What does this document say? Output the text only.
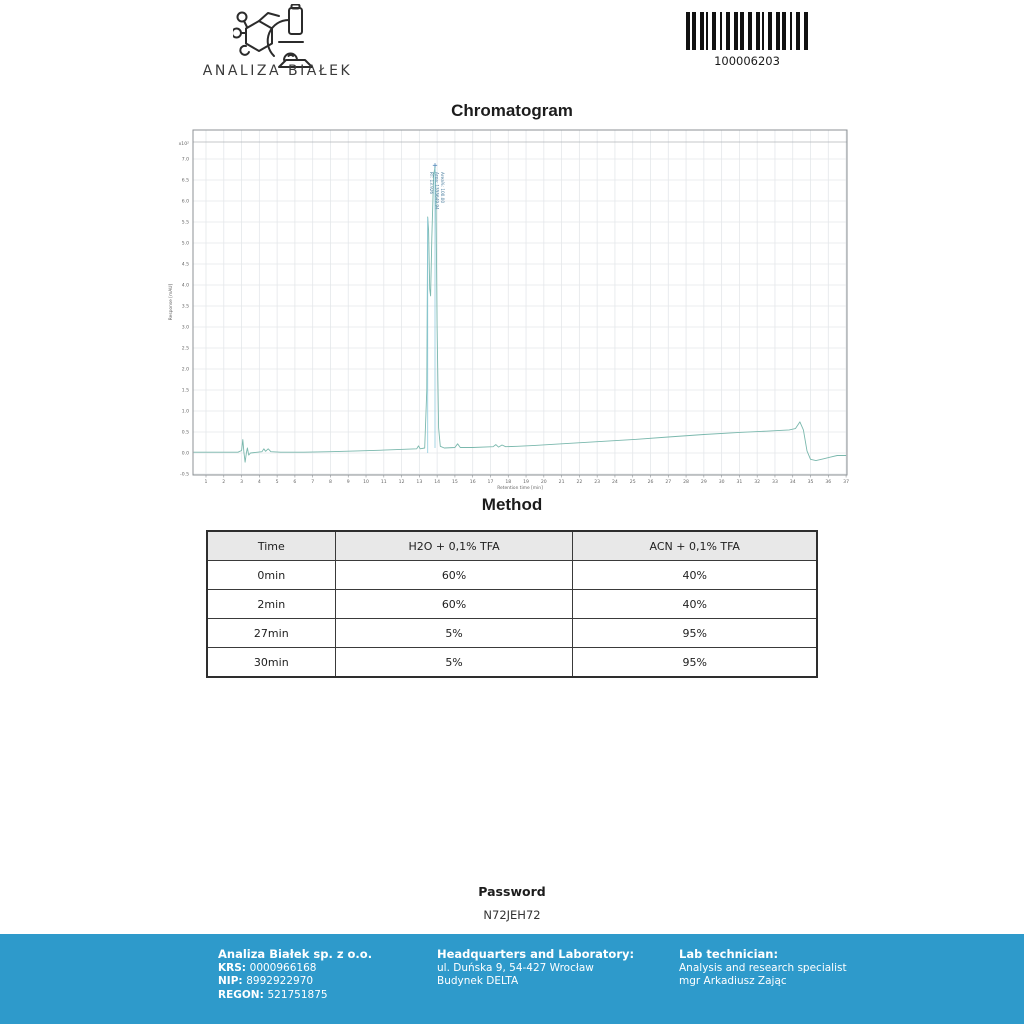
ANALIZA BIAŁEK
100006203
Chromatogram
RT: 13.926 Area: 1355649.94 Area%: 100.00
1	2	3	4	5	6	7	8	9	10	11	12	13	14	15	16	17	18	19	20	21	22	23	24	25	26	27	28	29	30	31	32	33	34	35	36	37
7.0
6.5
6.0
5.5
5.0
4.5
4.0
3.5
3.0
2.5
2.0
1.5
1.0
0.5
0.0
-0.5
x10²
Retention time [min]
Response [mAU]
Method
Time	H2O + 0,1% TFA	ACN + 0,1% TFA
0min	60%	40%
2min	60%	40%
27min	5%	95%
30min	5%	95%
Password
N72JEH72
Analiza Białek sp. z o.o.
KRS: 0000966168
NIP: 8992922970
REGON: 521751875
Headquarters and Laboratory:
ul. Duńska 9, 54-427 Wrocław
Budynek DELTA
Lab technician:
Analysis and research specialist
mgr Arkadiusz Zając
